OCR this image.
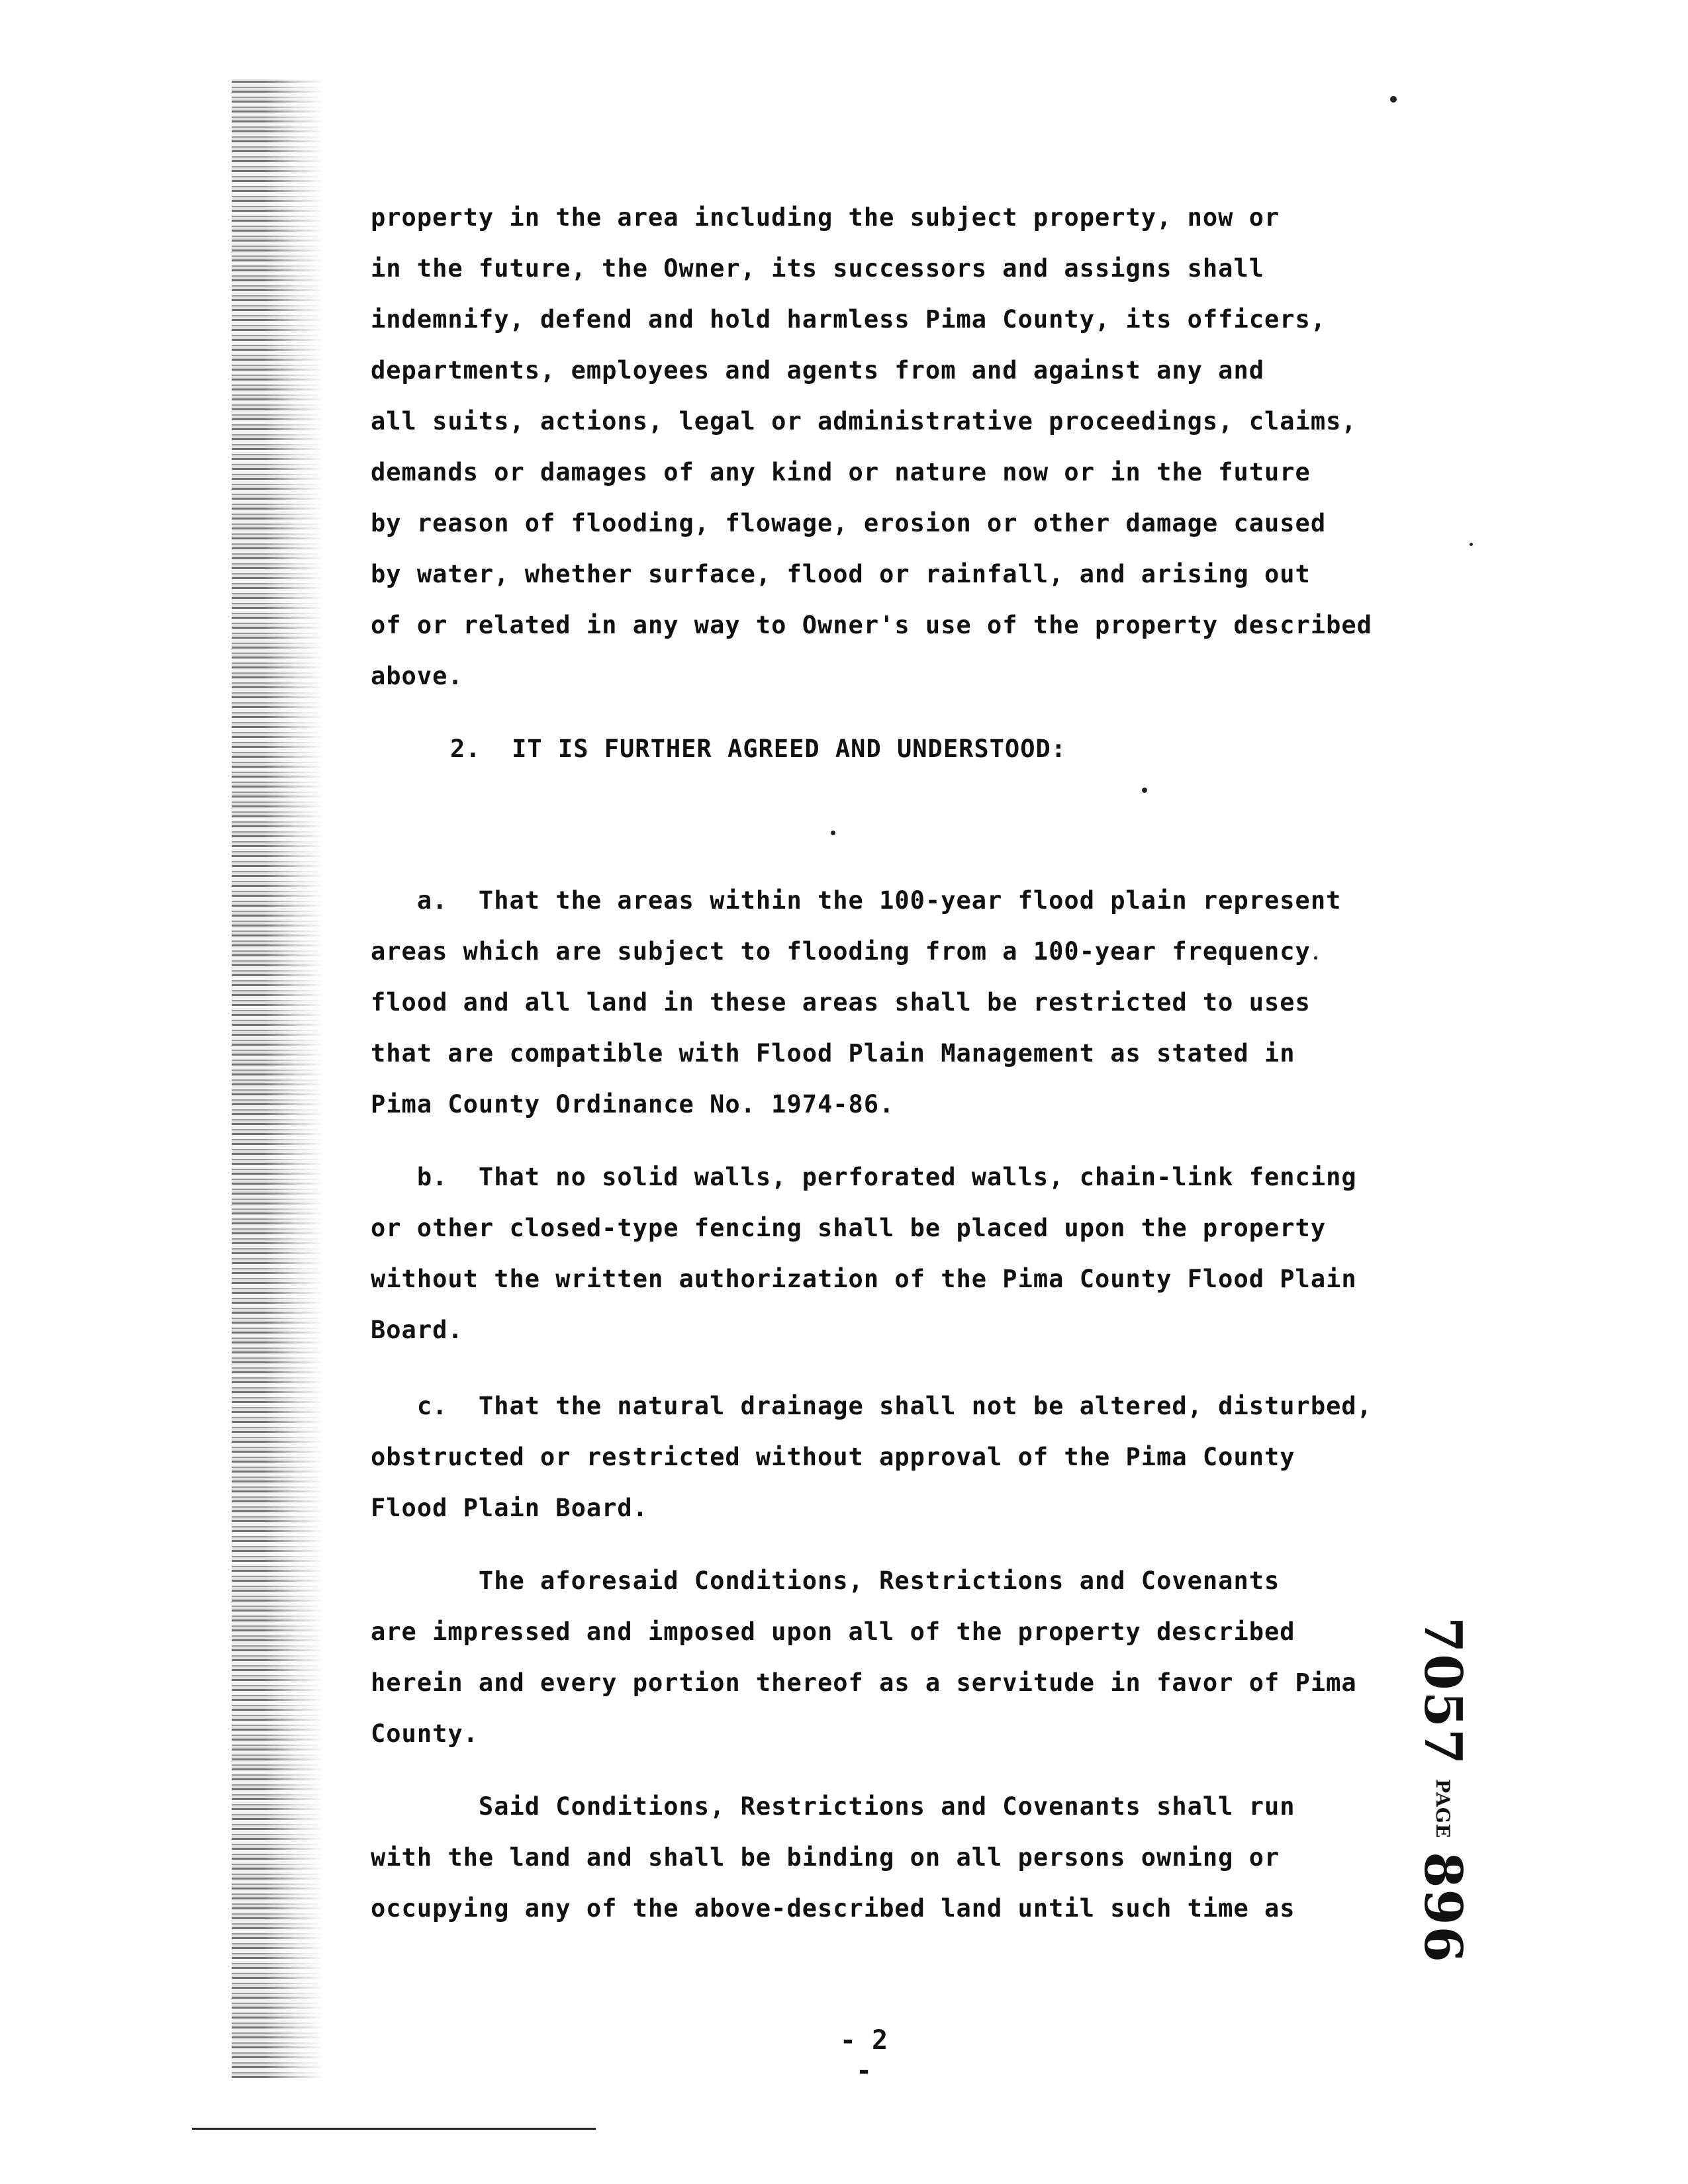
property in the area including the subject property, now or
in the future, the Owner, its successors and assigns shall
indemnify, defend and hold harmless Pima County, its officers,
departments, employees and agents from and against any and
all suits, actions, legal or administrative proceedings, claims,
demands or damages of any kind or nature now or in the future
by reason of flooding, flowage, erosion or other damage caused
by water, whether surface, flood or rainfall, and arising out
of or related in any way to Owner's use of the property described
above.
2.  IT IS FURTHER AGREED AND UNDERSTOOD:
a.  That the areas within the 100-year flood plain represent
areas which are subject to flooding from a 100-year frequency
flood and all land in these areas shall be restricted to uses
that are compatible with Flood Plain Management as stated in
Pima County Ordinance No. 1974-86.
b.  That no solid walls, perforated walls, chain-link fencing
or other closed-type fencing shall be placed upon the property
without the written authorization of the Pima County Flood Plain
Board.
c.  That the natural drainage shall not be altered, disturbed,
obstructed or restricted without approval of the Pima County
Flood Plain Board.
The aforesaid Conditions, Restrictions and Covenants
are impressed and imposed upon all of the property described
herein and every portion thereof as a servitude in favor of Pima
County.
Said Conditions, Restrictions and Covenants shall run
with the land and shall be binding on all persons owning or
occupying any of the above-described land until such time as
7057
PAGE
896
- 2 -
